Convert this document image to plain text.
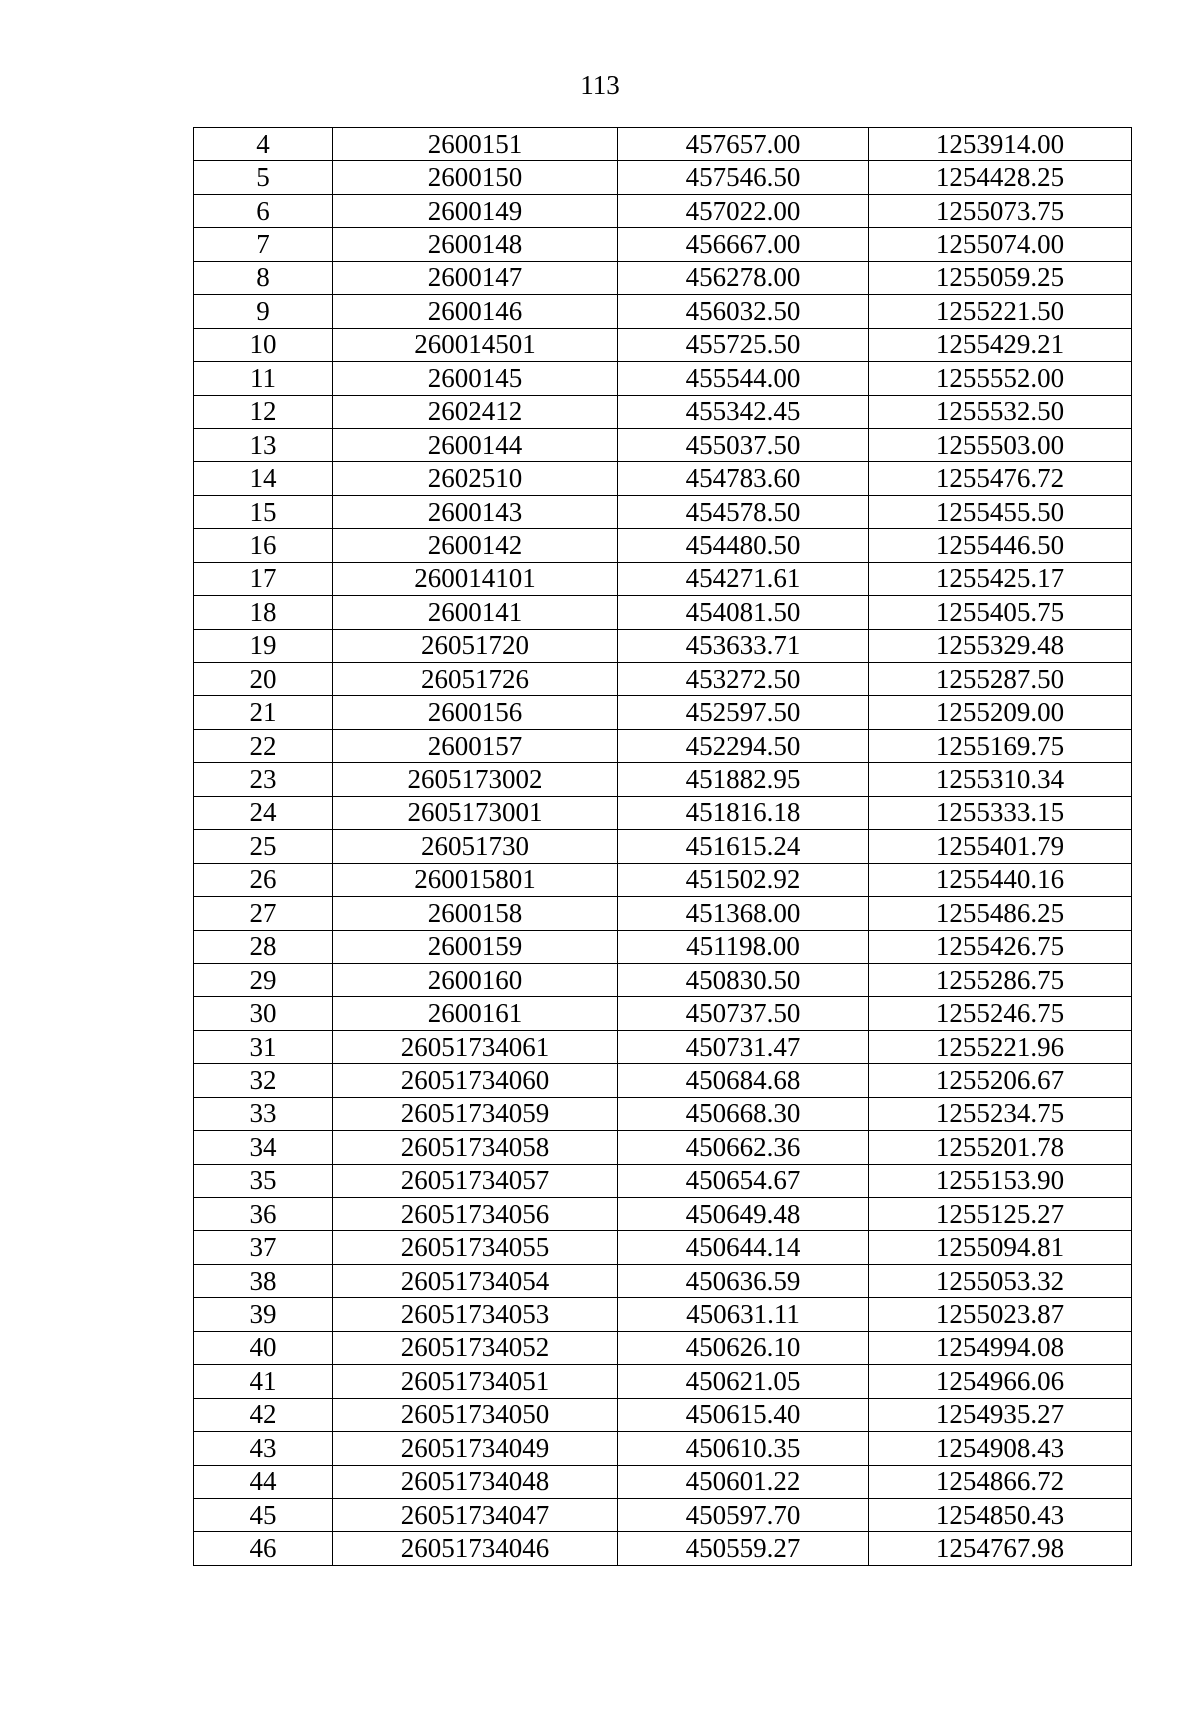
113
4	2600151	457657.00	1253914.00
5	2600150	457546.50	1254428.25
6	2600149	457022.00	1255073.75
7	2600148	456667.00	1255074.00
8	2600147	456278.00	1255059.25
9	2600146	456032.50	1255221.50
10	260014501	455725.50	1255429.21
11	2600145	455544.00	1255552.00
12	2602412	455342.45	1255532.50
13	2600144	455037.50	1255503.00
14	2602510	454783.60	1255476.72
15	2600143	454578.50	1255455.50
16	2600142	454480.50	1255446.50
17	260014101	454271.61	1255425.17
18	2600141	454081.50	1255405.75
19	26051720	453633.71	1255329.48
20	26051726	453272.50	1255287.50
21	2600156	452597.50	1255209.00
22	2600157	452294.50	1255169.75
23	2605173002	451882.95	1255310.34
24	2605173001	451816.18	1255333.15
25	26051730	451615.24	1255401.79
26	260015801	451502.92	1255440.16
27	2600158	451368.00	1255486.25
28	2600159	451198.00	1255426.75
29	2600160	450830.50	1255286.75
30	2600161	450737.50	1255246.75
31	26051734061	450731.47	1255221.96
32	26051734060	450684.68	1255206.67
33	26051734059	450668.30	1255234.75
34	26051734058	450662.36	1255201.78
35	26051734057	450654.67	1255153.90
36	26051734056	450649.48	1255125.27
37	26051734055	450644.14	1255094.81
38	26051734054	450636.59	1255053.32
39	26051734053	450631.11	1255023.87
40	26051734052	450626.10	1254994.08
41	26051734051	450621.05	1254966.06
42	26051734050	450615.40	1254935.27
43	26051734049	450610.35	1254908.43
44	26051734048	450601.22	1254866.72
45	26051734047	450597.70	1254850.43
46	26051734046	450559.27	1254767.98
